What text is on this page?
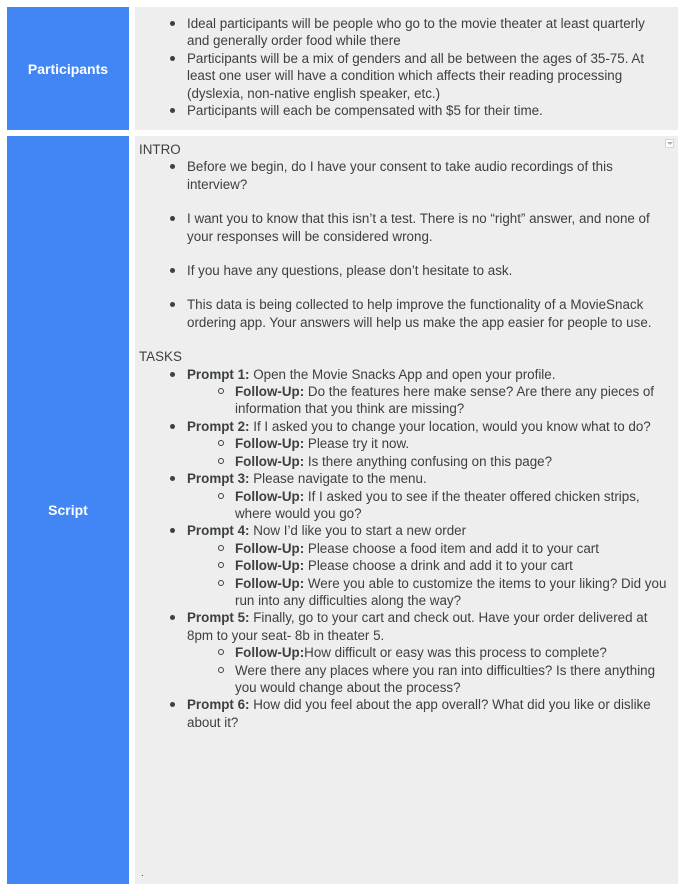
Participants
Ideal participants will be people who go to the movie theater at least quarterly and generally order food while there
Participants will be a mix of genders and all be between the ages of 35-75. At least one user will have a condition which affects their reading processing (dyslexia, non-native english speaker, etc.)
Participants will each be compensated with $5 for their time.
Script
INTRO
Before we begin, do I have your consent to take audio recordings of this interview?
I want you to know that this isn’t a test. There is no “right” answer, and none of your responses will be considered wrong.
If you have any questions, please don’t hesitate to ask.
This data is being collected to help improve the functionality of a MovieSnack ordering app. Your answers will help us make the app easier for people to use.
TASKS
Prompt 1: Open the Movie Snacks App and open your profile.
Follow-Up: Do the features here make sense? Are there any pieces of information that you think are missing?
Prompt 2: If I asked you to change your location, would you know what to do?
Follow-Up: Please try it now.
Follow-Up: Is there anything confusing on this page?
Prompt 3: Please navigate to the menu.
Follow-Up: If I asked you to see if the theater offered chicken strips, where would you go?
Prompt 4: Now I’d like you to start a new order
Follow-Up: Please choose a food item and add it to your cart
Follow-Up: Please choose a drink and add it to your cart
Follow-Up: Were you able to customize the items to your liking? Did you run into any difficulties along the way?
Prompt 5: Finally, go to your cart and check out. Have your order delivered at 8pm to your seat- 8b in theater 5.
Follow-Up:How difficult or easy was this process to complete?
Were there any places where you ran into difficulties? Is there anything you would change about the process?
Prompt 6: How did you feel about the app overall? What did you like or dislike about it?
.
